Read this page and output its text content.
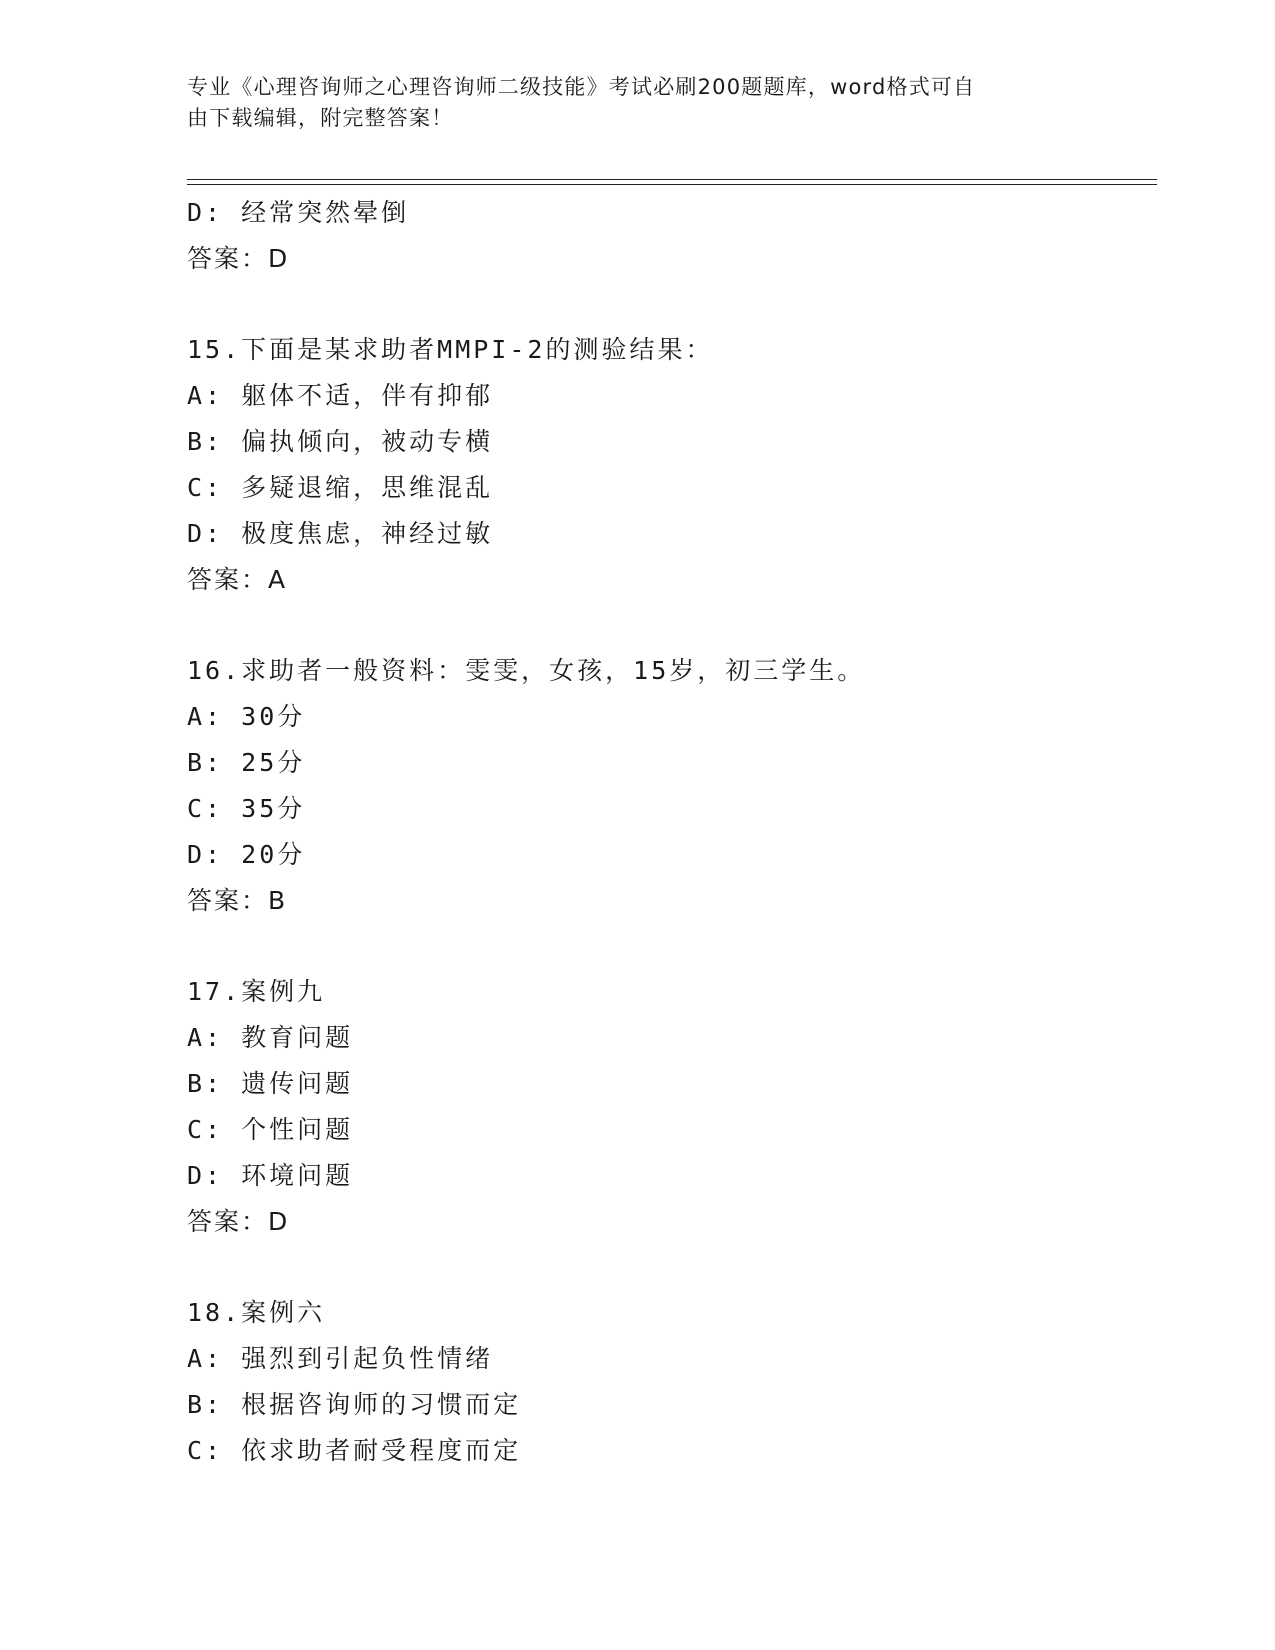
专业《心理咨询师之心理咨询师二级技能》考试必刷200题题库，word格式可自
由下载编辑，附完整答案！
D: 经常突然晕倒
答案：D
15.下面是某求助者MMPI-2的测验结果：
A: 躯体不适，伴有抑郁
B: 偏执倾向，被动专横
C: 多疑退缩，思维混乱
D: 极度焦虑，神经过敏
答案：A
16.求助者一般资料：雯雯，女孩，15岁，初三学生。
A: 30分
B: 25分
C: 35分
D: 20分
答案：B
17.案例九
A: 教育问题
B: 遗传问题
C: 个性问题
D: 环境问题
答案：D
18.案例六
A: 强烈到引起负性情绪
B: 根据咨询师的习惯而定
C: 依求助者耐受程度而定
